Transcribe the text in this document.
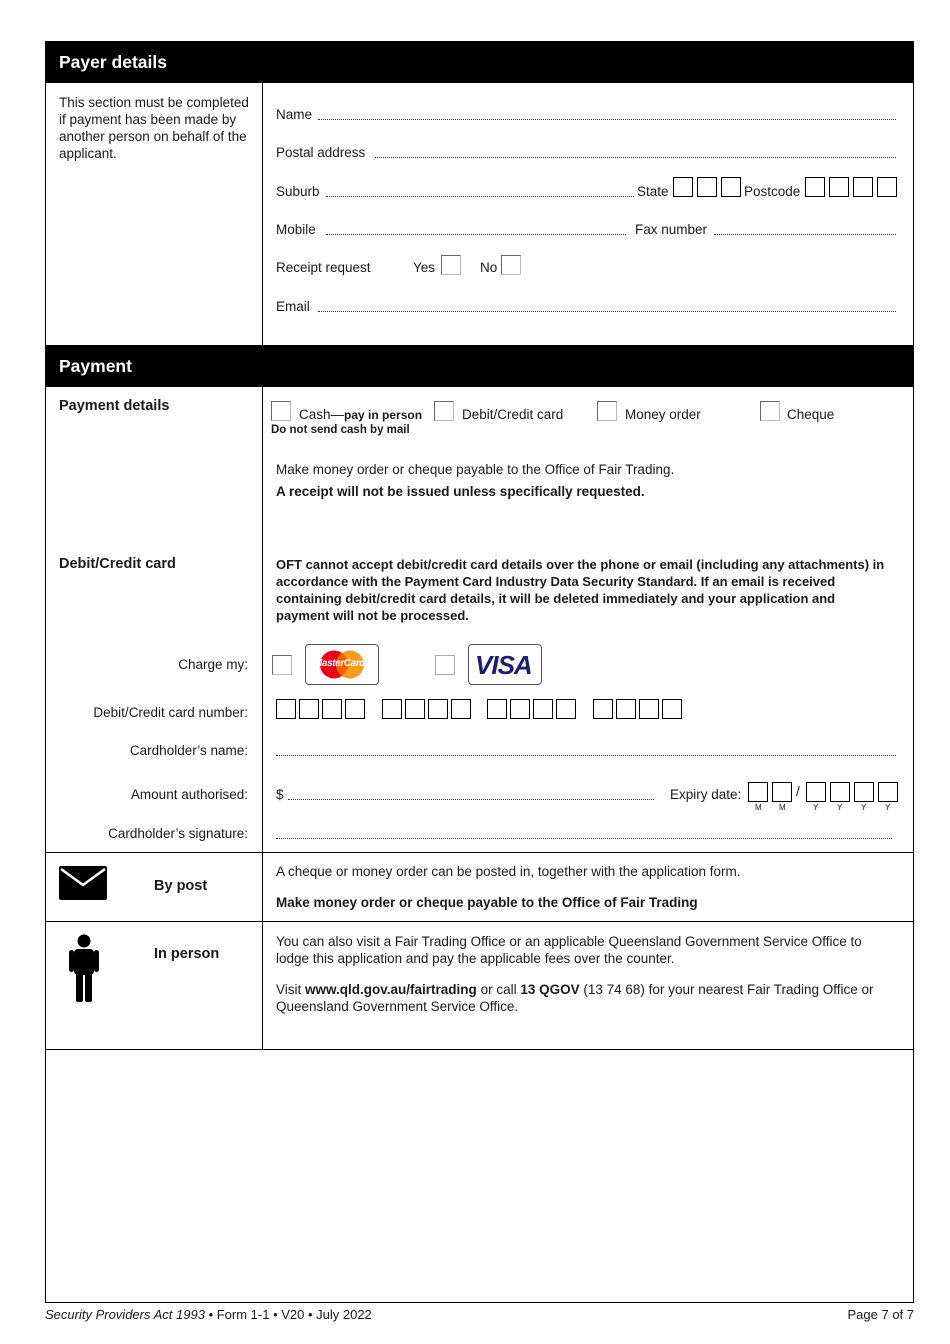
Payer details
This section must be completed if payment has been made by another person on behalf of the applicant.
Name
Postal address
Suburb	State	Postcode
Mobile	Fax number
Receipt request	Yes	No
Email
Payment
Payment details
Cash—pay in person
Do not send cash by mail
Debit/Credit card	Money order	Cheque
Make money order or cheque payable to the Office of Fair Trading.
A receipt will not be issued unless specifically requested.
Debit/Credit card	OFT cannot accept debit/credit card details over the phone or email (including any attachments) in accordance with the Payment Card Industry Data Security Standard. If an email is received containing debit/credit card details, it will be deleted immediately and your application and payment will not be processed.
Charge my:	MasterCard	VISA
Debit/Credit card number:
Cardholder’s name:
Amount authorised: $	Expiry date:	/
M M	Y Y Y Y
Cardholder’s signature:
By post
A cheque or money order can be posted in, together with the application form.
Make money order or cheque payable to the Office of Fair Trading
In person
You can also visit a Fair Trading Office or an applicable Queensland Government Service Office to lodge this application and pay the applicable fees over the counter.
Visit www.qld.gov.au/fairtrading or call 13 QGOV (13 74 68) for your nearest Fair Trading Office or Queensland Government Service Office.
Security Providers Act 1993 • Form 1-1 • V20 • July 2022	Page 7 of 7
